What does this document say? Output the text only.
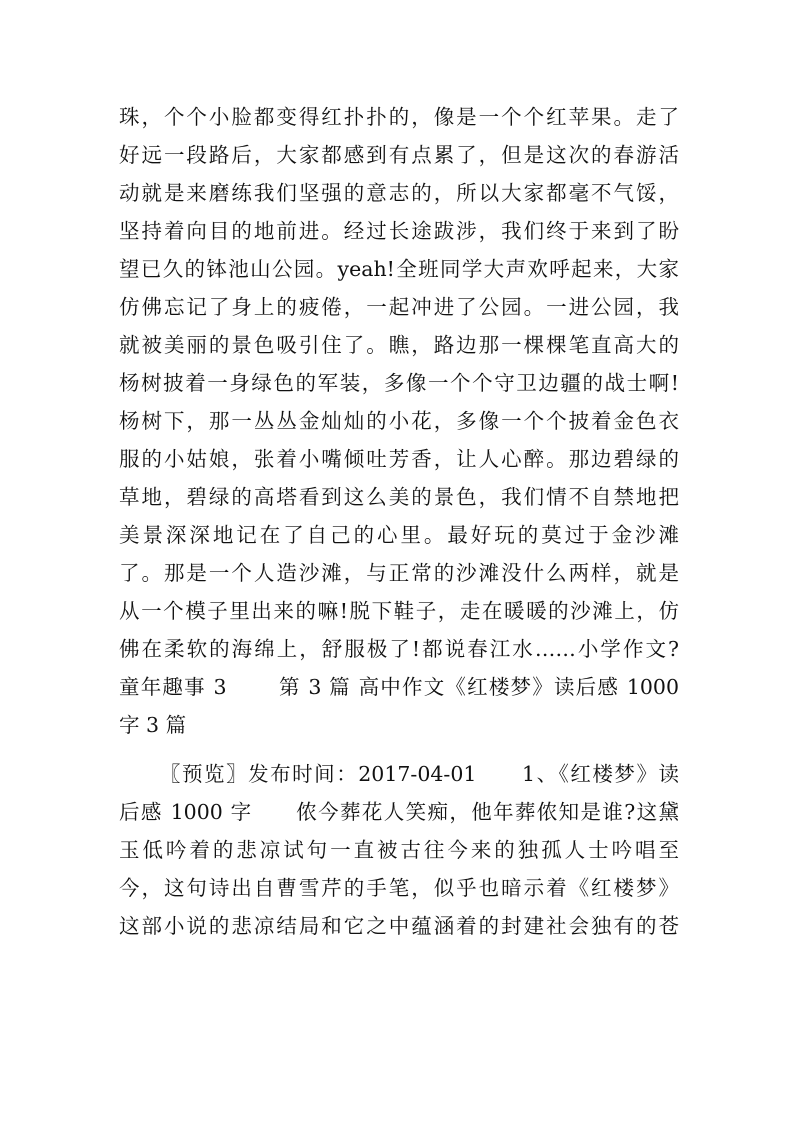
珠，个个小脸都变得红扑扑的，像是一个个红苹果。走了
好远一段路后，大家都感到有点累了，但是这次的春游活
动就是来磨练我们坚强的意志的，所以大家都毫不气馁，
坚持着向目的地前进。经过长途跋涉，我们终于来到了盼
望已久的钵池山公园。yeah!全班同学大声欢呼起来，大家
仿佛忘记了身上的疲倦，一起冲进了公园。一进公园，我
就被美丽的景色吸引住了。瞧，路边那一棵棵笔直高大的
杨树披着一身绿色的军装，多像一个个守卫边疆的战士啊!
杨树下，那一丛丛金灿灿的小花，多像一个个披着金色衣
服的小姑娘，张着小嘴倾吐芳香，让人心醉。那边碧绿的
草地，碧绿的高塔看到这么美的景色，我们情不自禁地把
美景深深地记在了自己的心里。最好玩的莫过于金沙滩
了。那是一个人造沙滩，与正常的沙滩没什么两样，就是
从一个模子里出来的嘛!脱下鞋子，走在暖暖的沙滩上，仿
佛在柔软的海绵上，舒服极了!都说春江水……小学作文?
童年趣事 3　　 第 3 篇 高中作文《红楼梦》读后感 1000
字 3 篇
〖预览〗发布时间：2017-04-01　　1、《红楼梦》读
后感 1000 字　　侬今葬花人笑痴，他年葬侬知是谁?这黛
玉低吟着的悲凉试句一直被古往今来的独孤人士吟唱至
今，这句诗出自曹雪芹的手笔，似乎也暗示着《红楼梦》
这部小说的悲凉结局和它之中蕴涵着的封建社会独有的苍
